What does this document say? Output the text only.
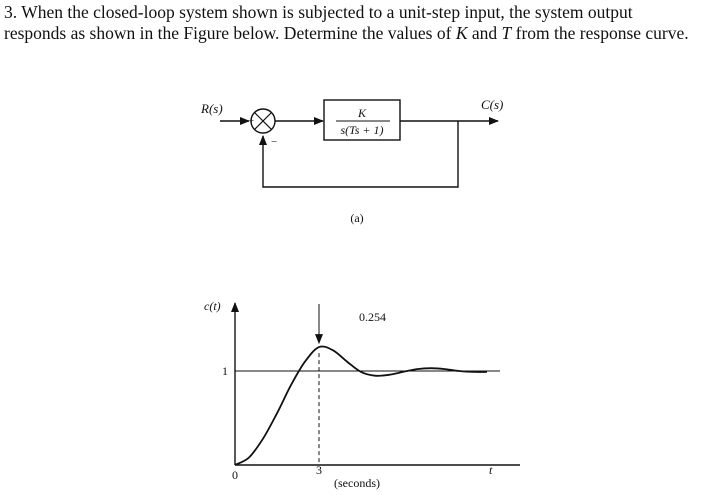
3. When the closed-loop system shown is subjected to a unit-step input, the system output responds as shown in the Figure below. Determine the values of K and T from the response curve.

R(s)	C(s)
+
−
K
s(Ts + 1)
(a)
c(t)
1
0	3	t
0.254
(seconds)
